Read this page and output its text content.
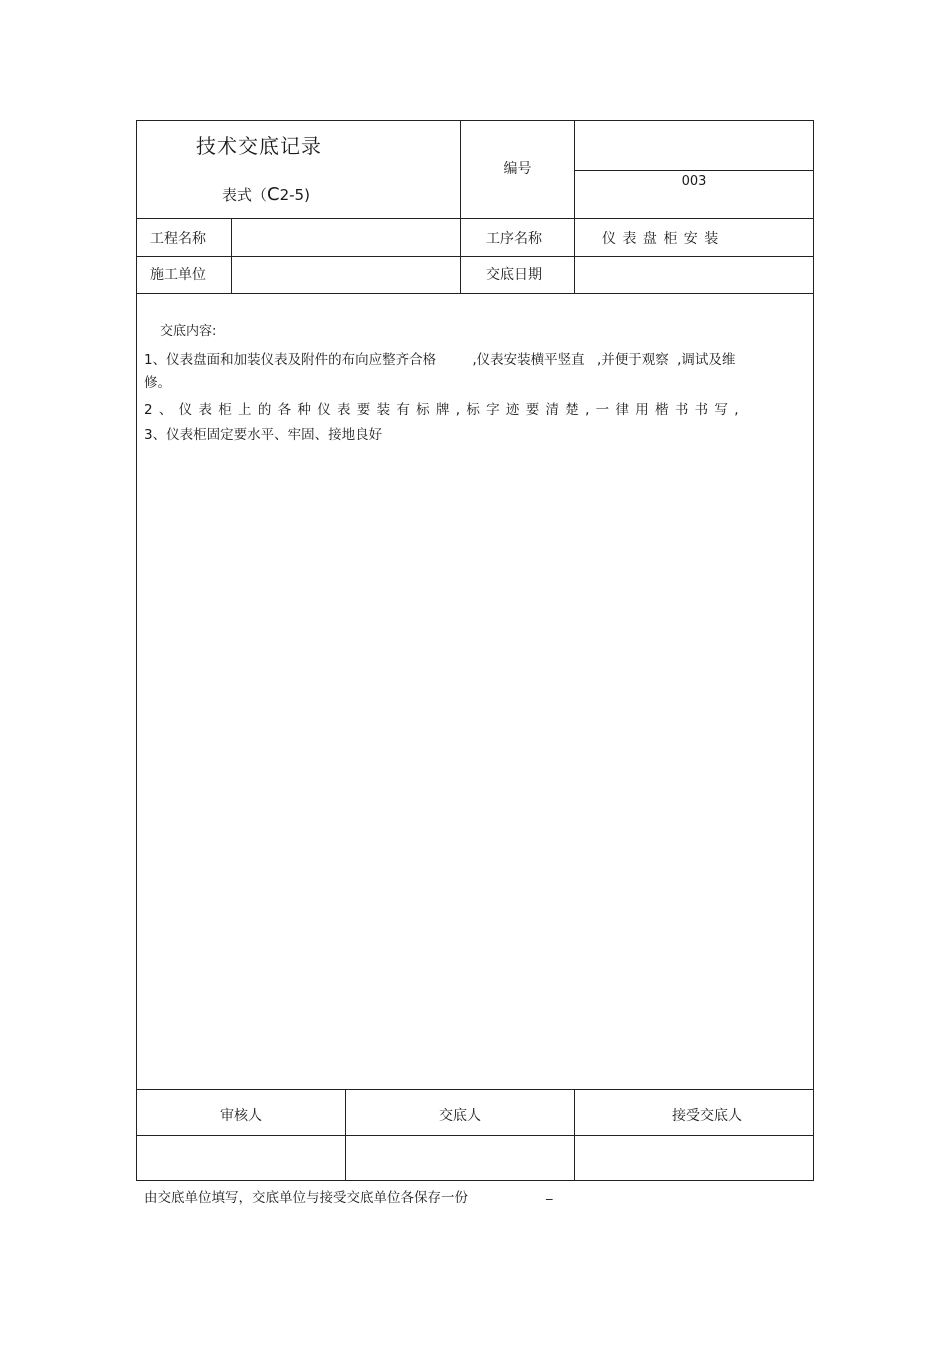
技术交底记录
表式（C2-5)
编号
003
工程名称	工序名称	仪 表 盘 柜 安 装
施工单位	交底日期
交底内容:
1、仪表盘面和加装仪表及附件的布向应整齐合格	,仪表安装横平竖直 ,并便于观察 ,调试及维
修。
2 、 仪 表 柜 上 的 各 种 仪 表 要 装 有 标 牌 , 标 字 迹 要 清 楚 , 一 律 用 楷 书 书 写 ,
3、仪表柜固定要水平、牢固、接地良好
审核人	交底人	接受交底人
由交底单位填写，交底单位与接受交底单位各保存一份	_
